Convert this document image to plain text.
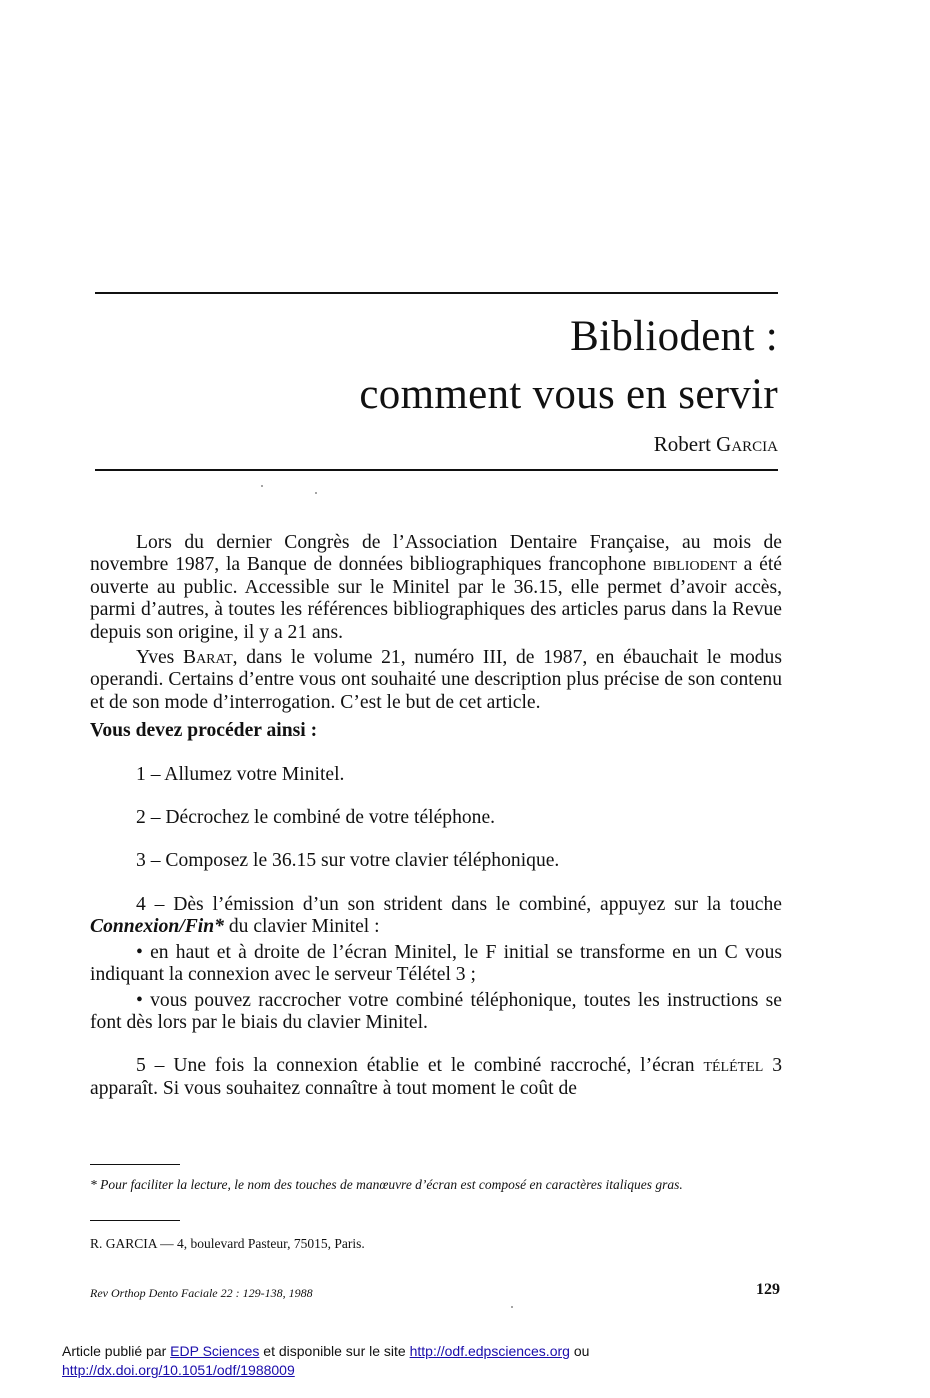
Bibliodent :
comment vous en servir
Robert Garcia

Lors du dernier Congrès de l’Association Dentaire Française, au mois de novembre 1987, la Banque de données bibliographiques francophone bibliodent a été ouverte au public. Accessible sur le Minitel par le 36.15, elle permet d’avoir accès, parmi d’autres, à toutes les références bibliographiques des articles parus dans la Revue depuis son origine, il y a 21 ans.

Yves Barat, dans le volume 21, numéro III, de 1987, en ébauchait le modus operandi. Certains d’entre vous ont souhaité une description plus précise de son contenu et de son mode d’interrogation. C’est le but de cet article.

Vous devez procéder ainsi :

1 – Allumez votre Minitel.

2 – Décrochez le combiné de votre téléphone.

3 – Composez le 36.15 sur votre clavier téléphonique.

4 – Dès l’émission d’un son strident dans le combiné, appuyez sur la touche Connexion/Fin* du clavier Minitel :

• en haut et à droite de l’écran Minitel, le F initial se transforme en un C vous indiquant la connexion avec le serveur Télétel 3 ;

• vous pouvez raccrocher votre combiné téléphonique, toutes les instructions se font dès lors par le biais du clavier Minitel.

5 – Une fois la connexion établie et le combiné raccroché, l’écran télétel 3 apparaît. Si vous souhaitez connaître à tout moment le coût de

* Pour faciliter la lecture, le nom des touches de manœuvre d’écran est composé en caractères italiques gras.
R. GARCIA — 4, boulevard Pasteur, 75015, Paris.
Rev Orthop Dento Faciale 22 : 129-138, 1988	129
Article publié par EDP Sciences et disponible sur le site http://odf.edpsciences.org ou
http://dx.doi.org/10.1051/odf/1988009
